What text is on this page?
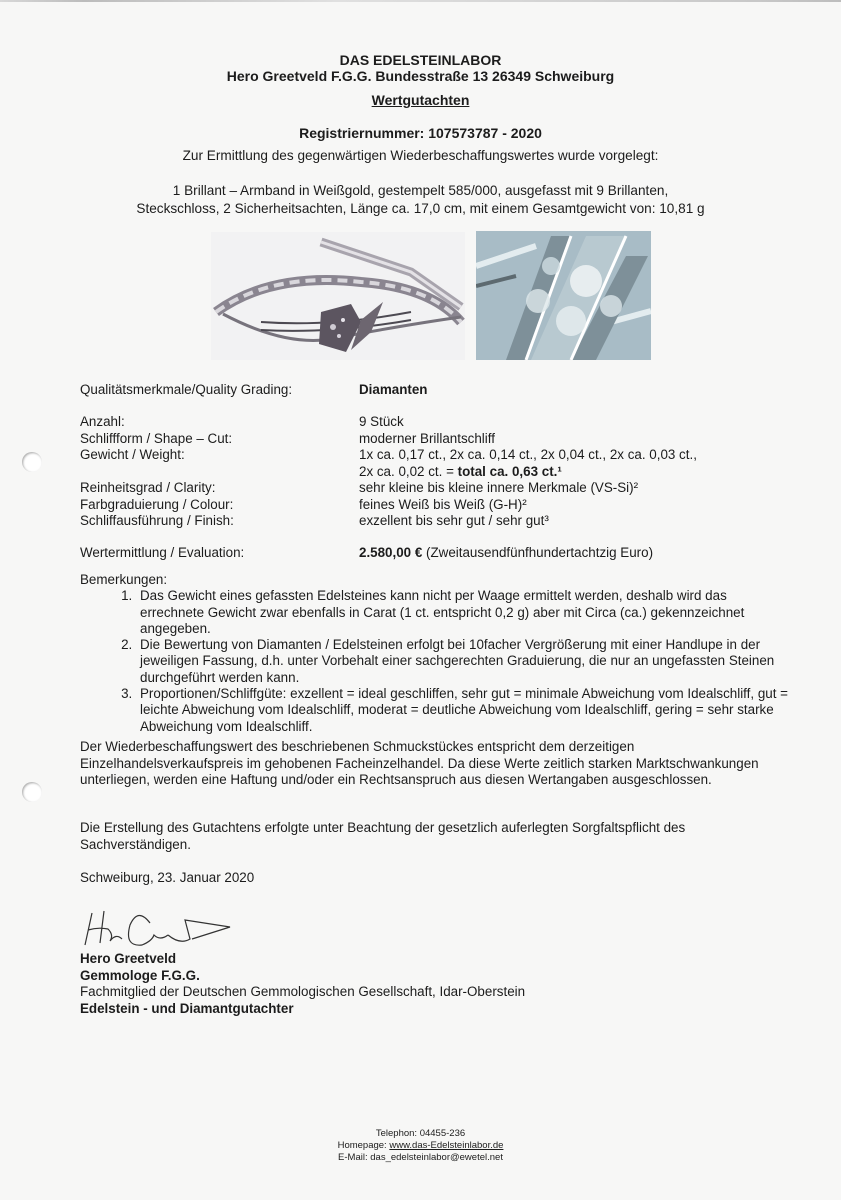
DAS EDELSTEINLABOR
Hero Greetveld F.G.G. Bundesstraße 13 26349 Schweiburg
Wertgutachten
Registriernummer: 107573787 - 2020
Zur Ermittlung des gegenwärtigen Wiederbeschaffungswertes wurde vorgelegt:
1 Brillant – Armband in Weißgold, gestempelt 585/000, ausgefasst mit 9 Brillanten,
Steckschloss, 2 Sicherheitsachten, Länge ca. 17,0 cm, mit einem Gesamtgewicht von: 10,81 g
Qualitätsmerkmale/Quality Grading:	Diamanten
Anzahl:	9 Stück
Schliffform / Shape – Cut:	moderner Brillantschliff
Gewicht / Weight:	1x ca. 0,17 ct., 2x ca. 0,14 ct., 2x 0,04 ct., 2x ca. 0,03 ct.,
2x ca. 0,02 ct. = total ca. 0,63 ct.¹
Reinheitsgrad / Clarity:	sehr kleine bis kleine innere Merkmale (VS-Si)²
Farbgraduierung / Colour:	feines Weiß bis Weiß (G-H)²
Schliffausführung / Finish:	exzellent bis sehr gut / sehr gut³
Wertermittlung / Evaluation:	2.580,00 € (Zweitausendfünfhundertachtzig Euro)
Bemerkungen:
1. Das Gewicht eines gefassten Edelsteines kann nicht per Waage ermittelt werden, deshalb wird das errechnete Gewicht zwar ebenfalls in Carat (1 ct. entspricht 0,2 g) aber mit Circa (ca.) gekennzeichnet angegeben.
2. Die Bewertung von Diamanten / Edelsteinen erfolgt bei 10facher Vergrößerung mit einer Handlupe in der jeweiligen Fassung, d.h. unter Vorbehalt einer sachgerechten Graduierung, die nur an ungefassten Steinen durchgeführt werden kann.
3. Proportionen/Schliffgüte: exzellent = ideal geschliffen, sehr gut = minimale Abweichung vom Idealschliff, gut = leichte Abweichung vom Idealschliff, moderat = deutliche Abweichung vom Idealschliff, gering = sehr starke Abweichung vom Idealschliff.
Der Wiederbeschaffungswert des beschriebenen Schmuckstückes entspricht dem derzeitigen Einzelhandelsverkaufspreis im gehobenen Facheinzelhandel. Da diese Werte zeitlich starken Marktschwankungen unterliegen, werden eine Haftung und/oder ein Rechtsanspruch aus diesen Wertangaben ausgeschlossen.
Die Erstellung des Gutachtens erfolgte unter Beachtung der gesetzlich auferlegten Sorgfaltspflicht des Sachverständigen.
Schweiburg, 23. Januar 2020
Hero Greetveld
Gemmologe F.G.G.
Fachmitglied der Deutschen Gemmologischen Gesellschaft, Idar-Oberstein
Edelstein - und Diamantgutachter
Telephon: 04455-236
Homepage: www.das-Edelsteinlabor.de
E-Mail: das_edelsteinlabor@ewetel.net
